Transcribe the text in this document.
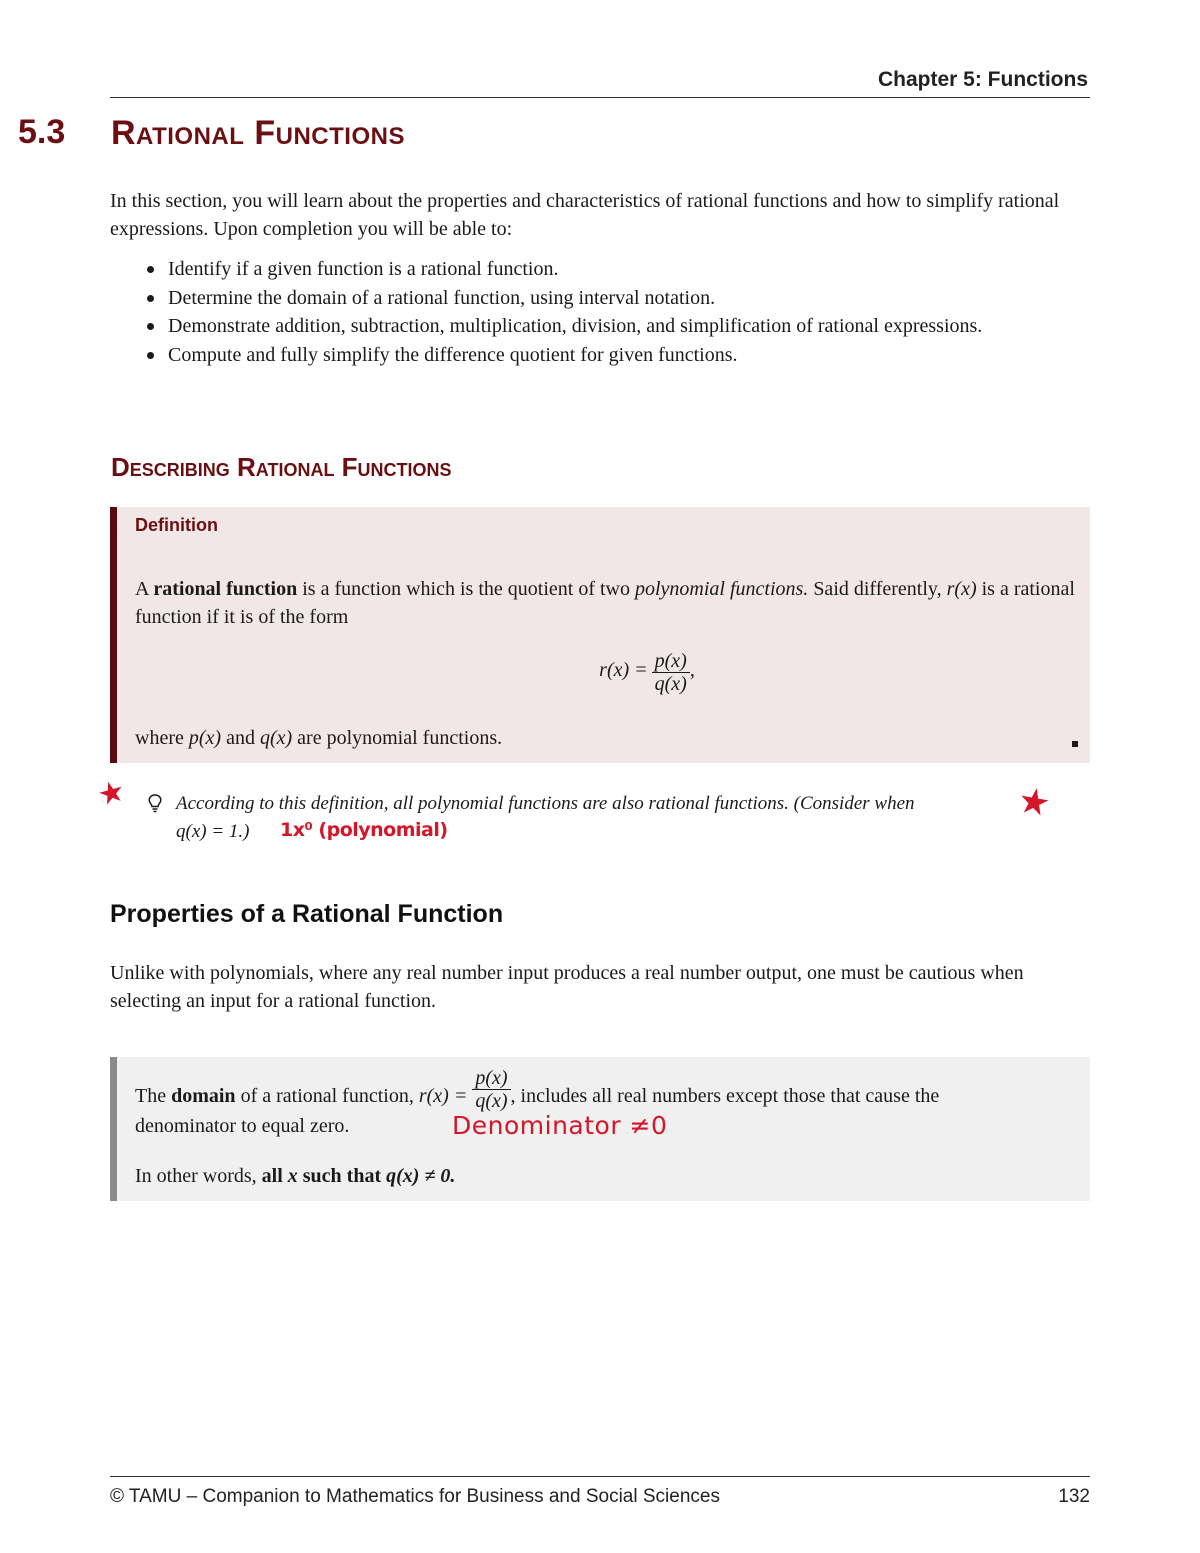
Chapter 5: Functions
5.3 Rational Functions
In this section, you will learn about the properties and characteristics of rational functions and how to simplify rational expressions. Upon completion you will be able to:
Identify if a given function is a rational function.
Determine the domain of a rational function, using interval notation.
Demonstrate addition, subtraction, multiplication, division, and simplification of rational expressions.
Compute and fully simplify the difference quotient for given functions.
Describing Rational Functions
Definition
A rational function is a function which is the quotient of two polynomial functions. Said differently, r(x) is a rational function if it is of the form
$r(x) = \frac{p(x)}{q(x)}$ ,
where p(x) and q(x) are polynomial functions.
★ According to this definition, all polynomial functions are also rational functions. (Consider when
q(x) = 1.) 1x⁰ (polynomial)
★
Properties of a Rational Function
Unlike with polynomials, where any real number input produces a real number output, one must be cautious when selecting an input for a rational function.
The domain of a rational function, $r(x) = \frac{p(x)}{q(x)}$ , includes all real numbers except those that cause the
denominator to equal zero.	Denominator ≠0
In other words, all x such that q(x) ≠ 0.
© TAMU – Companion to Mathematics for Business and Social Sciences	132
